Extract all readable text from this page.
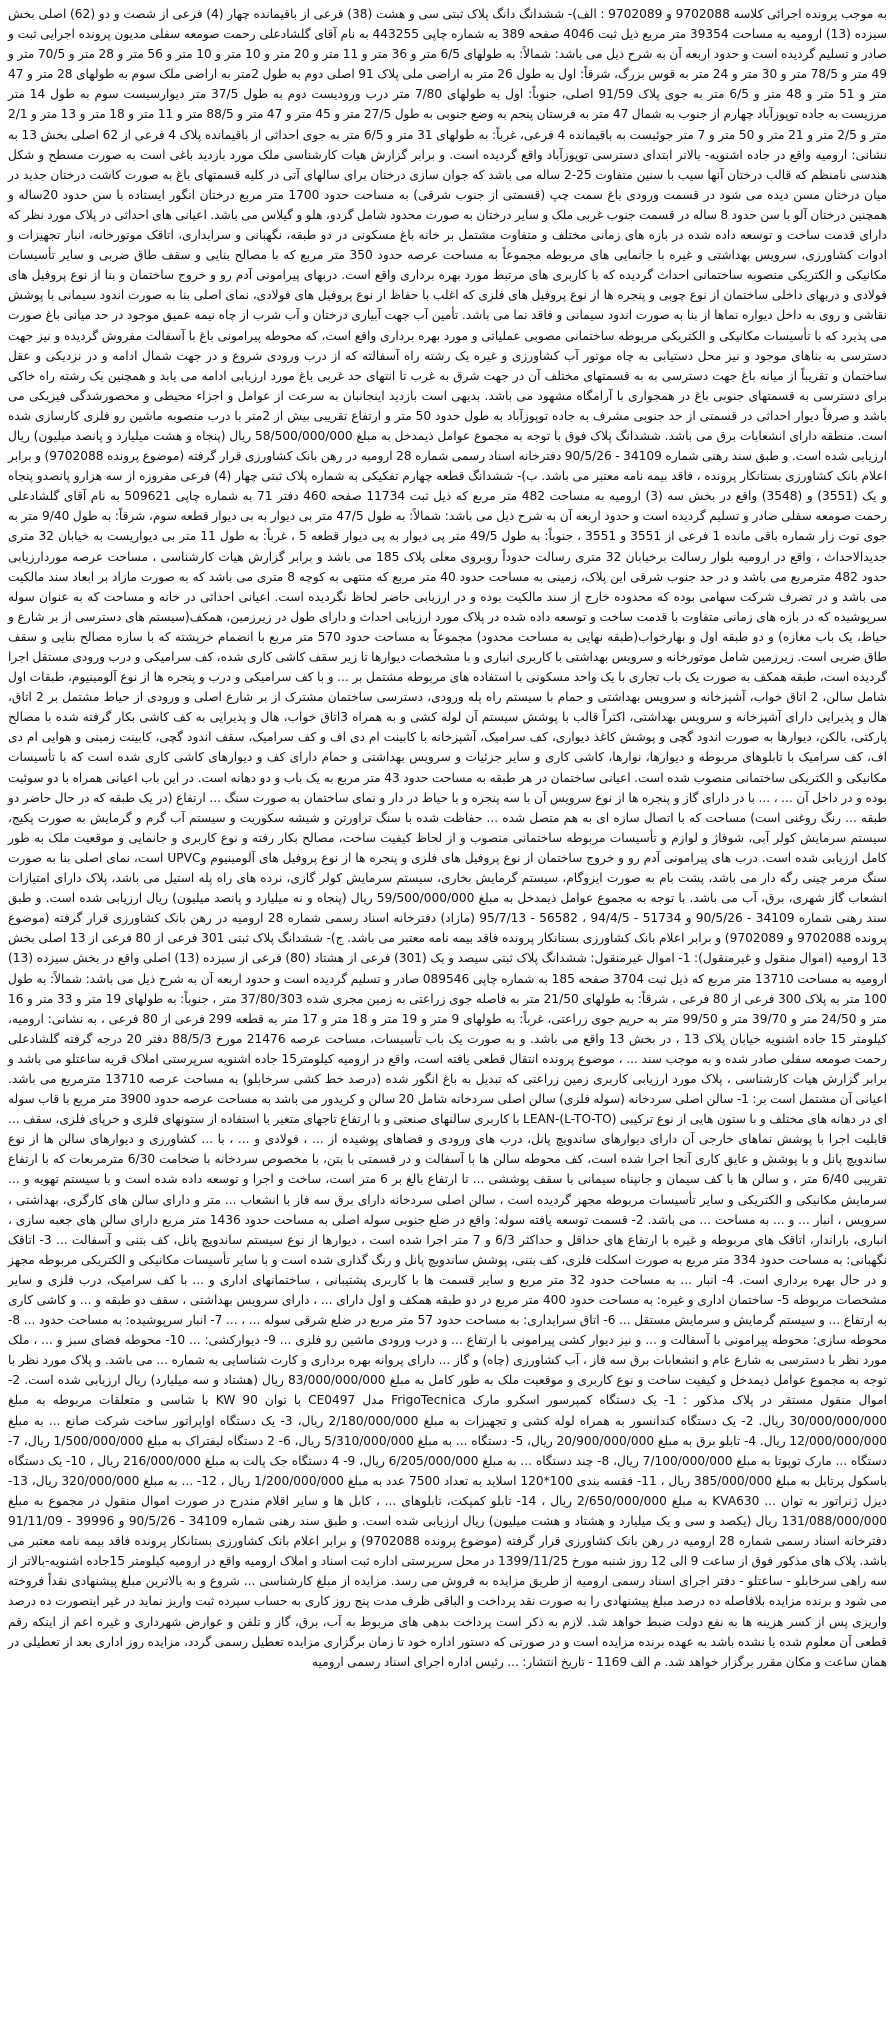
به موجب پرونده اجرائی کلاسه 9702088 و 9702089 : الف)- ششدانگ دانگ پلاک ثبتی سی و هشت (38) فرعی از باقیمانده چهار (4) فرعی از شصت و دو (62) اصلی بخش سیزده (13) ارومیه به مساحت 39354 متر مربع ذیل ثبت 4046 صفحه 389 به شماره چاپی 443255 به نام آقای گلشاد‌علی رحمت صومعه سفلی مدیون پرونده اجرایی ثبت و صادر و تسلیم گردیده است و حدود اربعه آن به شرح ذیل می باشد: شمالاً: به طولهای 6/5 متر و 36 متر و 11 متر و 20 متر و 10 متر و 10 متر و 56 متر و 28 متر و 70/5 متر و 49 متر و 78/5 متر و 30 متر و 24 متر به قوس بزرگ، شرقاً: اول به طول 26 متر به اراضی ملی پلاک 91 اصلی دوم به طول 2متر به اراضی ملک سوم به طولهای 28 متر و 47 متر و 51 متر و 48 متر و 6/5 متر به جوی پلاک 91/59 اصلی، جنوباً: اول به طولهای 7/80 متر درب ورودیست دوم به طول 37/5 متر دیوارسیست سوم به طول 14 متر مرزیست به جاده توپوزآباد چهارم از جنوب به شمال 47 متر به فرستان پنجم به وضع جنوبی به طول 27/5 متر و 45 متر و 47 متر و 88/5 متر و 11 متر و 18 متر و 13 متر و 2/1 متر و 2/5 متر و 21 متر و 50 متر و 7 متر جوئیست به باقیمانده 4 فرعی، غرباً: به طولهای 31 متر و 6/5 متر به جوی احداثی از باقیمانده پلاک 4 فرعی از 62 اصلی بخش 13 به نشانی: ارومیه واقع در جاده اشنویه- بالاتر ابتدای دسترسی توپوزآباد واقع گردیده است. و برابر گزارش هیات کارشناسی ملک مورد بازدید باغی است به صورت مسطح و شکل هندسی نامنظم که قالب درختان آنها سیب با سنین متفاوت 25-2 ساله می باشد که جوان سازی درختان برای سالهای آتی در کلیه قسمتهای باغ به صورت کاشت درختان جدید در میان درختان مسن دیده می شود در قسمت ورودی باغ سمت چپ (قسمتی از جنوب شرقی) به مساحت حدود 1700 متر مربع درختان انگور ایستاده با سن حدود 20ساله و همچنین درختان آلو با سن حدود 8 ساله در قسمت جنوب غربی ملک و سایر درختان به صورت محدود شامل گردو، هلو و گیلاس می باشد. اعیانی های احداثی در پلاک مورد نظر که دارای قدمت ساخت و توسعه داده شده در بازه های زمانی مختلف و متفاوت مشتمل بر خانه باغ مسکونی در دو طبقه، نگهبانی و سرایداری، اتاقک موتورخانه، انبار تجهیزات و ادوات کشاورزی، سرویس بهداشتی و غیره با جانمایی های مربوطه مجموعاً به مساحت عرصه حدود 350 متر مربع که با مصالح بنایی و سقف طاق ضربی و سایر تأسیسات مکانیکی و الکتریکی منصوبه ساختمانی احداث گردیده که با کاربری های مرتبط مورد بهره برداری واقع است. دربهای پیرامونی آدم رو و خروج ساختمان و بنا از نوع پروفیل های فولادی و دربهای داخلی ساختمان از نوع چوبی و پنجره ها از نوع پروفیل های فلزی که اغلب با حفاظ از نوع پروفیل های فولادی، نمای اصلی بنا به صورت اندود سیمانی با پوشش نقاشی و روی به داخل دیواره نماها از بنا به صورت اندود سیمانی و فاقد نما می باشد. تأمین آب جهت آبیاری درختان و آب شرب از چاه نیمه عمیق موجود در حد میانی باغ صورت می پذیرد که با تأسیسات مکانیکی و الکتریکی مربوطه ساختمانی مصوبی عملیاتی و مورد بهره برداری واقع است، که محوطه پیرامونی باغ با آسفالت مفروش گردیده و نیز جهت دسترسی به بناهای موجود و نیز محل دستیابی به چاه موتور آب کشاورزی و غیره یک رشته راه آسفالته که از درب ورودی شروع و در جهت شمال ادامه و در نزدیکی و عقل ساختمان و تقریباً از میانه باغ جهت دسترسی به به قسمتهای مختلف آن در جهت شرق به غرب تا انتهای حد غربی باغ مورد ارزیابی ادامه می یابد و همچنین یک رشته راه خاکی برای دسترسی به قسمتهای جنوبی باغ در همجواری با آرامگاه مشهود می باشد. بدیهی است بازدید اینجانبان به سرعت از عوامل و اجزاء محیطی و محصورشدگی فیزیکی می باشد و صرفاً دیوار احداثی در قسمتی از حد جنوبی مشرف به جاده توپوزآباد به طول حدود 50 متر و ارتفاع تقریبی بیش از 2متر با درب منصوبه ماشین رو فلزی کارسازی شده است. منطقه دارای انشعابات برق می باشد. ششدانگ پلاک فوق با توجه به مجموع عوامل ذیمدخل به مبلغ 58/500/000/000 ریال (پنجاه و هشت میلیارد و پانصد میلیون) ریال ارزیابی شده است. و طبق سند رهنی شماره 34109 - 90/5/26 دفترخانه اسناد رسمی شماره 28 ارومیه در رهن بانک کشاورزی قرار گرفته (موضوع پرونده 9702088) و برابر اعلام بانک کشاورزی بستانکار پرونده ، فاقد بیمه نامه معتبر می باشد. ب)- ششدانگ قطعه چهارم تفکیکی به شماره پلاک ثبتی چهار (4) فرعی مفروزه از سه هزارو پانصدو پنجاه و یک (3551) و (3548) واقع در بخش سه (3) ارومیه به مساحت 482 متر مربع که ذیل ثبت 11734 صفحه 460 دفتر 71 به شماره چاپی 509621 به نام آقای گلشاد‌علی رحمت صومعه سفلی صادر و تسلیم گردیده است و حدود اربعه آن به شرح ذیل می باشد: شمالاً: به طول 47/5 متر بی دیوار به بی دیوار قطعه سوم، شرقاً: به طول 9/40 متر به جوی توت زار شماره باقی مانده 1 فرعی از 3551 و 3551 ، جنوباً: به طول 49/5 متر پی دیوار به پی دیوار قطعه 5 ، غرباً: به طول 11 متر بی دیواریست به خیابان 32 متری جدیدالاحداث ، واقع در ارومیه بلوار رسالت برخیابان 32 متری رسالت حدوداً روبروی معلی پلاک 185 می باشد و برابر گزارش هیات کارشناسی ، مساحت عرصه موردارزیابی حدود 482 مترمربع می باشد و در حد جنوب شرقی این پلاک، زمینی به مساحت حدود 40 متر مربع که منتهی به کوچه 8 متری می باشد که به صورت مازاد بر ابعاد سند مالکیت می باشد و در تصرف شرکت سهامی بوده که محدوده خارج از سند مالکیت بوده و در ارزیابی حاضر لحاظ نگردیده است. اعیانی احداثی در خانه و مساحت که به عنوان سوله سرپوشیده که در بازه های زمانی متفاوت با قدمت ساخت و توسعه داده شده در پلاک مورد ارزیابی احداث و دارای طول در زیرزمین، همکف(سیستم های دسترسی از بر شارع و حیاط، یک باب مغازه) و دو طبقه اول و بهارخواب(طبقه نهایی به مساحت محدود) مجموعاً به مساحت حدود 570 متر مربع با انضمام خرپشته که با سازه مصالح بنایی و سقف طاق ضربی است. زیرزمین شامل موتورخانه و سرویس بهداشتی با کاربری انباری و با مشخصات دیوارها تا زیر سقف کاشی کاری شده، کف سرامیکی و درب ورودی مستقل اجرا گردیده است، طبقه همکف به صورت یک باب تجاری با یک واحد مسکونی با استفاده های مربوطه مشتمل بر ... و با کف سرامیکی و درب و پنجره ها از نوع آلومینیوم، طبقات اول شامل سالن، 2 اتاق خواب، آشپزخانه و سرویس بهداشتی و حمام با سیستم راه پله ورودی، دسترسی ساختمان مشترک از بر شارع اصلی و ورودی از حیاط مشتمل بر 2 اتاق، هال و پذیرایی دارای آشپزخانه و سرویس بهداشتی، اکثراً قالب با پوشش سیستم آن لوله کشی و به همراه 3اتاق خواب، هال و پذیرایی به کف کاشی بکار گرفته شده با مصالح پارکتی، بالکن، دیوارها به صورت اندود گچی و پوشش کاغذ دیواری، کف سرامیک، آشپزخانه با کابینت ام دی اف و کف سرامیک، سقف اندود گچی، کابینت زمینی و هوایی ام دی اف، کف سرامیک با تابلوهای مربوطه و دیوارها، نوارها، کاشی کاری و سایر جزئیات و سرویس بهداشتی و حمام دارای کف و دیوارهای کاشی کاری شده است که با تأسیسات مکانیکی و الکتریکی ساختمانی منصوب شده است. اعیانی ساختمان در هر طبقه به مساحت حدود 43 متر مربع به یک باب و دو دهانه است. در این باب اعیانی همراه با دو سوئیت بوده و در داخل آن ... ، ... با در دارای گاز و پنجره ها از نوع سرویس آن با سه پنجره و با حیاط در دار و نمای ساختمان به صورت سنگ ... ارتفاع (در یک طبقه که در حال حاضر دو طبقه ... رنگ روغنی است) مساحت که با اتصال سازه ای به هم متصل شده ... حفاظت شده با سنگ تراورتن و شیشه سکوریت و سیستم آب گرم و گرمایش به صورت پکیج، سیستم سرمایش کولر آبی، شوفاژ و لوازم و تأسیسات مربوطه ساختمانی منصوب و از لحاظ کیفیت ساخت، مصالح بکار رفته و نوع کاربری و جانمایی و موقعیت ملک به طور کامل ارزیابی شده است. درب های پیرامونی آدم رو و خروج ساختمان از نوع پروفیل های فلزی و پنجره ها از نوع پروفیل های آلومینیوم وUPVC است، نمای اصلی بنا به صورت سنگ مرمر چینی رگه دار می باشد، پشت بام به صورت ایزوگام، سیستم گرمایش بخاری، سیستم سرمایش کولر گازی، نرده های راه پله استیل می باشد، پلاک دارای امتیازات انشعاب گاز شهری، برق، آب می باشد. با توجه به مجموع عوامل ذیمدخل به مبلغ 59/500/000/000 ریال (پنجاه و نه میلیارد و پانصد میلیون) ریال ارزیابی شده است. و طبق سند رهنی شماره 34109 - 90/5/26 و 51734 - 94/4/5 ، 56582 - 95/7/13 (مازاد) دفترخانه اسناد رسمی شماره 28 ارومیه در رهن بانک کشاورزی قرار گرفته (موضوع پرونده 9702088 و 9702089) و برابر اعلام بانک کشاورزی بستانکار پرونده فاقد بیمه نامه معتبر می باشد. ج)- ششدانگ پلاک ثبتی 301 فرعی از 80 فرعی از 13 اصلی بخش 13 ارومیه (اموال منقول و غیرمنقول): 1- اموال غیرمنقول: ششدانگ پلاک ثبتی سیصد و یک (301) فرعی از هشتاد (80) فرعی از سیزده (13) اصلی واقع در بخش سیزده (13) ارومیه به مساحت 13710 متر مربع که ذیل ثبت 3704 صفحه 185 به شماره چاپی 089546 صادر و تسلیم گردیده است و حدود اربعه آن به شرح ذیل می باشد: شمالاً: به طول 100 متر به پلاک 300 فرعی از 80 فرعی ، شرقاً: به طولهای 21/50 متر به فاصله جوی زراعتی به زمین مجری شده 37/80/303 متر ، جنوباً: به طولهای 19 متر و 33 متر و 16 متر و 24/50 متر و 39/70 متر و 99/50 متر به حریم جوی زراعتی، غرباً: به طولهای 9 متر و 19 متر و 18 متر و 17 متر به قطعه 299 فرعی از 80 فرعی ، به نشانی: ارومیه، کیلومتر 15 جاده اشنویه خیابان پلاک 13 ، در بخش 13 واقع می باشد. و به صورت یک باب تأسیسات، مساحت عرصه 21476 مورخ 88/5/3 دفتر 20 درجه گرفته گلشاد‌علی رحمت صومعه سفلی صادر شده و به موجب سند ... ، موضوع پرونده انتقال قطعی یافته است، واقع در ارومیه کیلومتر15 جاده اشنویه سرپرستی املاک قریه ساعتلو می باشد و برابر گزارش هیات کارشناسی ، پلاک مورد ارزیابی کاربری زمین زراعتی که تبدیل به باغ انگور شده (درصد خط کشی سرخابلو) به مساحت عرصه 13710 مترمربع می باشد. اعیانی آن مشتمل است بر: 1- سالن اصلی سردخانه (سوله فلزی) سالن اصلی سردخانه شامل 20 سالن و کریدور می باشد به مساحت عرصه حدود 3900 متر مربع با قاب سوله ای در دهانه های مختلف و با ستون هایی از نوع ترکیبی (LEAN-(L-TO-TO با کاربری سالنهای صنعتی و با ارتفاع تاجهای متغیر با استفاده از ستونهای فلزی و خرپای فلزی، سقف ... قابلیت اجرا با پوشش نماهای خارجی آن دارای دیوارهای ساندویچ پانل، درب های ورودی و فضاهای پوشیده از ... ، فولادی و ... ، با ... کشاورزی و دیوارهای سالن ها از نوع ساندویچ پانل و با پوشش و عایق کاری آنجا اجرا شده است، کف محوطه سالن ها با آسفالت و در قسمتی با بتن، با مخصوص سردخانه با ضخامت 6/30 مترمربعات که با ارتفاع تقریبی 6/40 متر ، و سالن ها با کف سیمان و جانپناه سیمانی با سقف پوششی ... تا ارتفاع بالغ بر 6 متر است، ساخت و اجرا و توسعه داده شده است و با سیستم تهویه و ... سرمایش مکانیکی و الکتریکی و سایر تأسیسات مربوطه مجهز گردیده است ، سالن اصلی سردخانه دارای برق سه فاز با انشعاب ... متر و دارای سالن های کارگری، بهداشتی ، سرویس ، انبار ... و ... به مساحت ... می باشد. 2- قسمت توسعه یافته سوله: واقع در ضلع جنوبی سوله اصلی به مساحت حدود 1436 متر مربع دارای سالن های جعبه سازی ، انباری، باراندار، اتاقک های مربوطه و غیره با ارتفاع های حداقل و حداکثر 6/3 و 7 متر اجرا شده است ، دیوارها از نوع سیستم ساندویچ پانل، کف بتنی و آسفالت ... 3- اتاقک نگهبانی: به مساحت حدود 334 متر مربع به صورت اسکلت فلزی، کف بتنی، پوشش ساندویچ پانل و رنگ گذاری شده است و با سایر تأسیسات مکانیکی و الکتریکی مربوطه مجهز و در حال بهره برداری است. 4- انبار ... به مساحت حدود 32 متر مربع و سایر قسمت ها با کاربری پشتیبانی ، ساختمانهای اداری و ... با کف سرامیک، درب فلزی و سایر مشخصات مربوطه 5- ساختمان اداری و غیره: به مساحت حدود 400 متر مربع در دو طبقه همکف و اول دارای ... ، دارای سرویس بهداشتی ، سقف دو طبقه و ... و کاشی کاری به ارتفاع ... و سیستم گرمایش و سرمایش مستقل ... 6- اتاق سرایداری: به مساحت حدود 57 متر مربع در ضلع شرقی سوله ... ، ... 7- انبار سرپوشیده: به مساحت حدود ... 8- محوطه سازی: محوطه پیرامونی با آسفالت و ... و نیز دیوار کشی پیرامونی با ارتفاع ... و درب ورودی ماشین رو فلزی ... 9- دیوارکشی: ... 10- محوطه فضای سبز و ... ، ملک مورد نظر با دسترسی به شارع عام و انشعابات برق سه فاز ، آب کشاورزی (چاه) و گاز ... دارای پروانه بهره برداری و کارت شناسایی به شماره ... می باشد. و پلاک مورد نظر با توجه به مجموع عوامل ذیمدخل و کیفیت ساخت و نوع کاربری و موقعیت ملک به طور کامل به مبلغ 83/000/000/000 ریال (هشتاد و سه میلیارد) ریال ارزیابی شده است. 2- اموال منقول مستقر در پلاک مذکور : 1- یک دستگاه کمپرسور اسکرو مارک FrigoTecnica مدل CE0497 با توان 90 KW با شاسی و متعلقات مربوطه به مبلغ 30/000/000/000 ریال. 2- یک دستگاه کندانسور به همراه لوله کشی و تجهیزات به مبلغ 2/180/000/000 ریال، 3- یک دستگاه اواپراتور ساخت شرکت صانع ... به مبلغ 12/000/000/000 ریال. 4- تابلو برق به مبلغ 20/900/000/000 ریال، 5- دستگاه ... به مبلغ 5/310/000/000 ریال، 6- 2 دستگاه لیفتراک به مبلغ 1/500/000/000 ریال، 7- دستگاه ... مارک توپوتا به مبلغ 7/100/000/000 ریال، 8- چند دستگاه ... به مبلغ 6/205/000/000 ریال، 9- 4 دستگاه جک پالت به مبلغ 216/000/000 ریال ، 10- یک دستگاه باسکول پرتابل به مبلغ 385/000/000 ریال ، 11- فقسه بندی 100*120 اسلاید به تعداد 7500 عدد به مبلغ 1/200/000/000 ریال ، 12- ... به مبلغ 320/000/000 ریال، 13- دیزل ژنراتور به توان ... KVA630 به مبلغ 2/650/000/000 ریال ، 14- تابلو کمپکت، تابلوهای ... ، کابل ها و سایر اقلام مندرج در صورت اموال منقول در مجموع به مبلغ 131/088/000/000 ریال (یکصد و سی و یک میلیارد و هشتاد و هشت میلیون) ریال ارزیابی شده است. و طبق سند رهنی شماره 34109 - 90/5/26 و 39996 - 91/11/09 دفترخانه اسناد رسمی شماره 28 ارومیه در رهن بانک کشاورزی قرار گرفته (موضوع پرونده 9702088) و برابر اعلام بانک کشاورزی بستانکار پرونده فاقد بیمه نامه معتبر می باشد. پلاک های مذکور فوق از ساعت 9 الی 12 روز شنبه مورخ 1399/11/25 در محل سرپرستی اداره ثبت اسناد و املاک ارومیه واقع در ارومیه کیلومتر 15جاده اشنویه-بالاتر از سه راهی سرخابلو - ساعتلو - دفتر اجرای اسناد رسمی ارومیه از طریق مزایده به فروش می رسد. مزایده از مبلغ کارشناسی ... شروع و به بالاترین مبلغ پیشنهادی نقداً فروخته می شود و برنده مزایده بلافاصله ده درصد مبلغ پیشنهادی را به صورت نقد پرداخت و الباقی ظرف مدت پنج روز کاری به حساب سپرده ثبت واریز نماید در غیر اینصورت ده درصد واریزی پس از کسر هزینه ها به نفع دولت ضبط خواهد شد. لازم به ذکر است پرداخت بدهی های مربوط به آب، برق، گاز و تلفن و عوارض شهرداری و غیره اعم از اینکه رقم قطعی آن معلوم شده یا نشده باشد به عهده برنده مزایده است و در صورتی که دستور اداره خود تا زمان برگزاری مزایده تعطیل رسمی گردد، مزایده روز اداری بعد از تعطیلی در همان ساعت و مکان مقرر برگزار خواهد شد. م الف 1169 - تاریخ انتشار: ... رئیس اداره اجرای اسناد رسمی ارومیه
